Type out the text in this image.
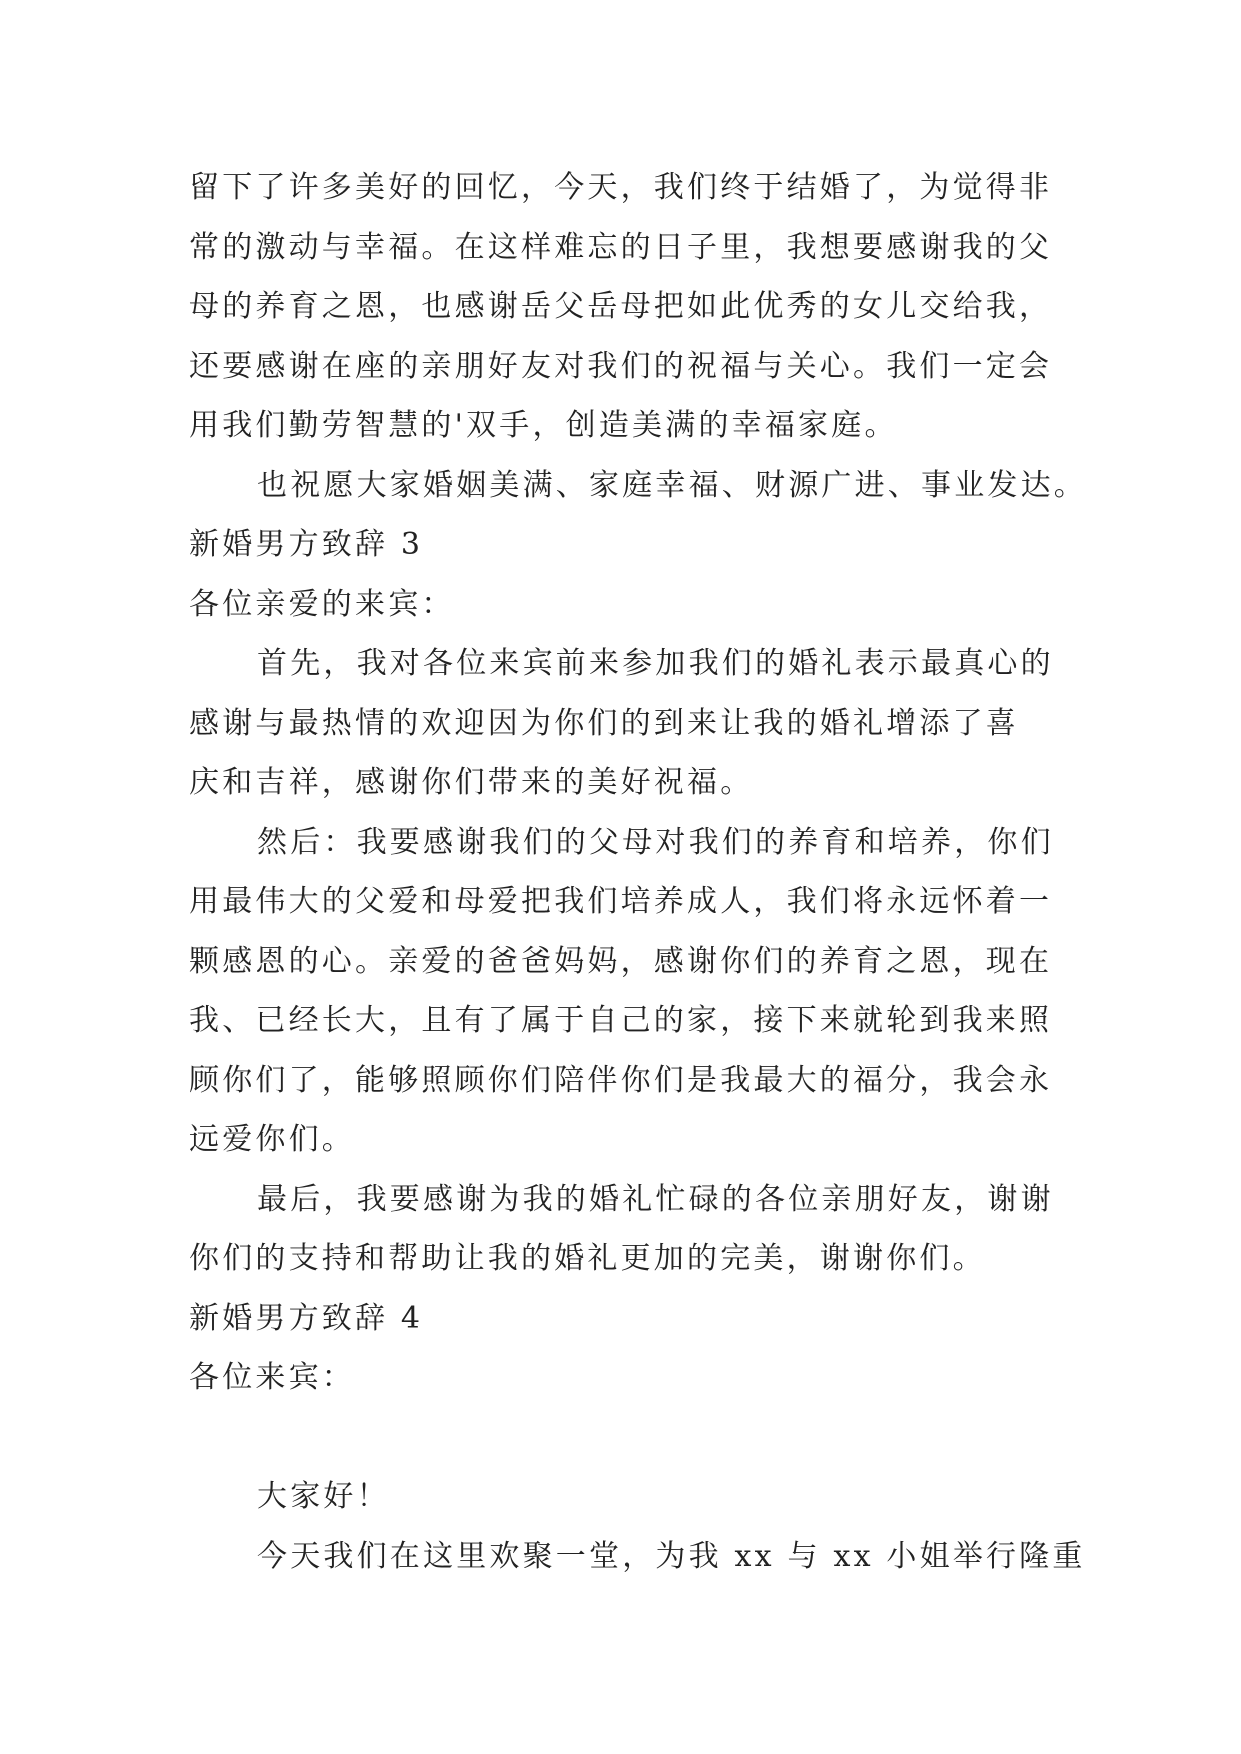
留下了许多美好的回忆，今天，我们终于结婚了，为觉得非
常的激动与幸福。在这样难忘的日子里，我想要感谢我的父
母的养育之恩，也感谢岳父岳母把如此优秀的女儿交给我，
还要感谢在座的亲朋好友对我们的祝福与关心。我们一定会
用我们勤劳智慧的'双手，创造美满的幸福家庭。
也祝愿大家婚姻美满、家庭幸福、财源广进、事业发达。
新婚男方致辞 3
各位亲爱的来宾：
首先，我对各位来宾前来参加我们的婚礼表示最真心的
感谢与最热情的欢迎因为你们的到来让我的婚礼增添了喜
庆和吉祥，感谢你们带来的美好祝福。
然后：我要感谢我们的父母对我们的养育和培养，你们
用最伟大的父爱和母爱把我们培养成人，我们将永远怀着一
颗感恩的心。亲爱的爸爸妈妈，感谢你们的养育之恩，现在
我、已经长大，且有了属于自己的家，接下来就轮到我来照
顾你们了，能够照顾你们陪伴你们是我最大的福分，我会永
远爱你们。
最后，我要感谢为我的婚礼忙碌的各位亲朋好友，谢谢
你们的支持和帮助让我的婚礼更加的完美，谢谢你们。
新婚男方致辞 4
各位来宾：
大家好！
今天我们在这里欢聚一堂，为我 xx 与 xx 小姐举行隆重
